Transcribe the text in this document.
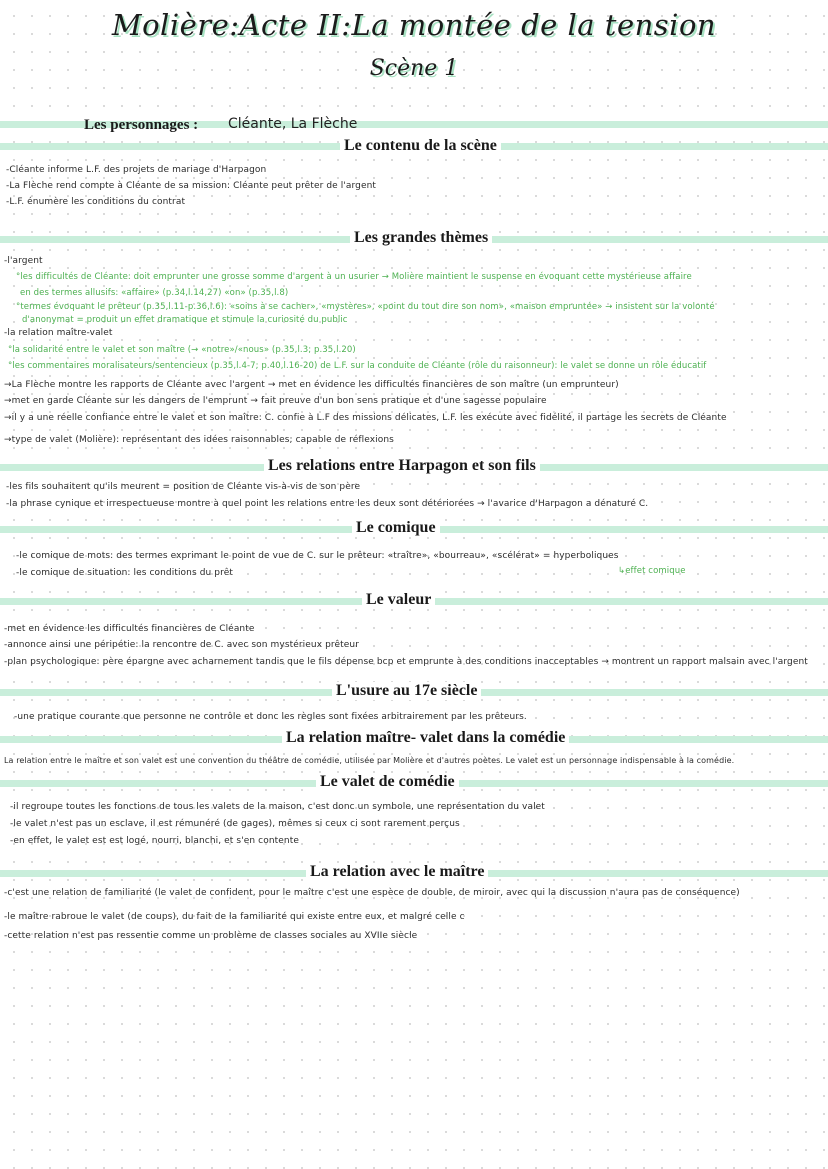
Molière:Acte II:La montée de la tension
Scène 1
Les personnages : Cléante, La Flèche
Le contenu de la scène
-Cléante informe L.F. des projets de mariage d'Harpagon
-La Flèche rend compte à Cléante de sa mission: Cléante peut prêter de l'argent
-L.F. énumère les conditions du contrat
Les grandes thèmes
-l'argent
°les difficultés de Cléante: doit emprunter une grosse somme d'argent à un usurier → Molière maintient le suspense en évoquant cette mystérieuse affaire
en des termes allusifs: «affaire» (p.34,l.14,27) «on» (p.35,l.8)
°termes évoquant le prêteur (p.35,l.11-p.36,l.6): «soins à se cacher», «mystères», «point du tout dire son nom», «maison empruntée» → insistent sur la volonté
d'anonymat = produit un effet dramatique et stimule la curiosité du public
-la relation maître-valet
°la solidarité entre le valet et son maître (→ «notre»/«nous» (p.35,l.3; p.35,l.20)
°les commentaires moralisateurs/sentencieux (p.35,l.4-7; p.40,l.16-20) de L.F. sur la conduite de Cléante (rôle du raisonneur): le valet se donne un rôle éducatif
→La Flèche montre les rapports de Cléante avec l'argent → met en évidence les difficultés financières de son maître (un emprunteur)
→met en garde Cléante sur les dangers de l'emprunt → fait preuve d'un bon sens pratique et d'une sagesse populaire
→il y a une réelle confiance entre le valet et son maître: C. confie à L.F des missions délicates, L.F. les exécute avec fidélité, il partage les secrets de Cléante
→type de valet (Molière): représentant des idées raisonnables; capable de réflexions
Les relations entre Harpagon et son fils
-les fils souhaitent qu'ils meurent = position de Cléante vis-à-vis de son père
-la phrase cynique et irrespectueuse montre à quel point les relations entre les deux sont détériorées → l'avarice d'Harpagon a dénaturé C.
Le comique
-le comique de mots: des termes exprimant le point de vue de C. sur le prêteur: «traître», «bourreau», «scélérat» = hyperboliques
↳effet comique
-le comique de situation: les conditions du prêt
Le valeur
-met en évidence les difficultés financières de Cléante
-annonce ainsi une péripétie: la rencontre de C. avec son mystérieux prêteur
-plan psychologique: père épargne avec acharnement tandis que le fils dépense bcp et emprunte à des conditions inacceptables → montrent un rapport malsain avec l'argent
L'usure au 17e siècle
-une pratique courante que personne ne contrôle et donc les règles sont fixées arbitrairement par les prêteurs.
La relation maître- valet dans la comédie
La relation entre le maître et son valet est une convention du théâtre de comédie, utilisée par Molière et d'autres poètes. Le valet est un personnage indispensable à la comédie.
Le valet de comédie
-il regroupe toutes les fonctions de tous les valets de la maison, c'est donc un symbole, une représentation du valet
-le valet n'est pas un esclave, il est rémunéré (de gages), mêmes si ceux ci sont rarement perçus
-en effet, le valet est est logé, nourri, blanchi, et s'en contente
La relation avec le maître
-c'est une relation de familiarité (le valet de confident, pour le maître c'est une espèce de double, de miroir, avec qui la discussion n'aura pas de conséquence)
-le maître rabroue le valet (de coups), du fait de la familiarité qui existe entre eux, et malgré celle c
-cette relation n'est pas ressentie comme un problème de classes sociales au XVIIe siècle
